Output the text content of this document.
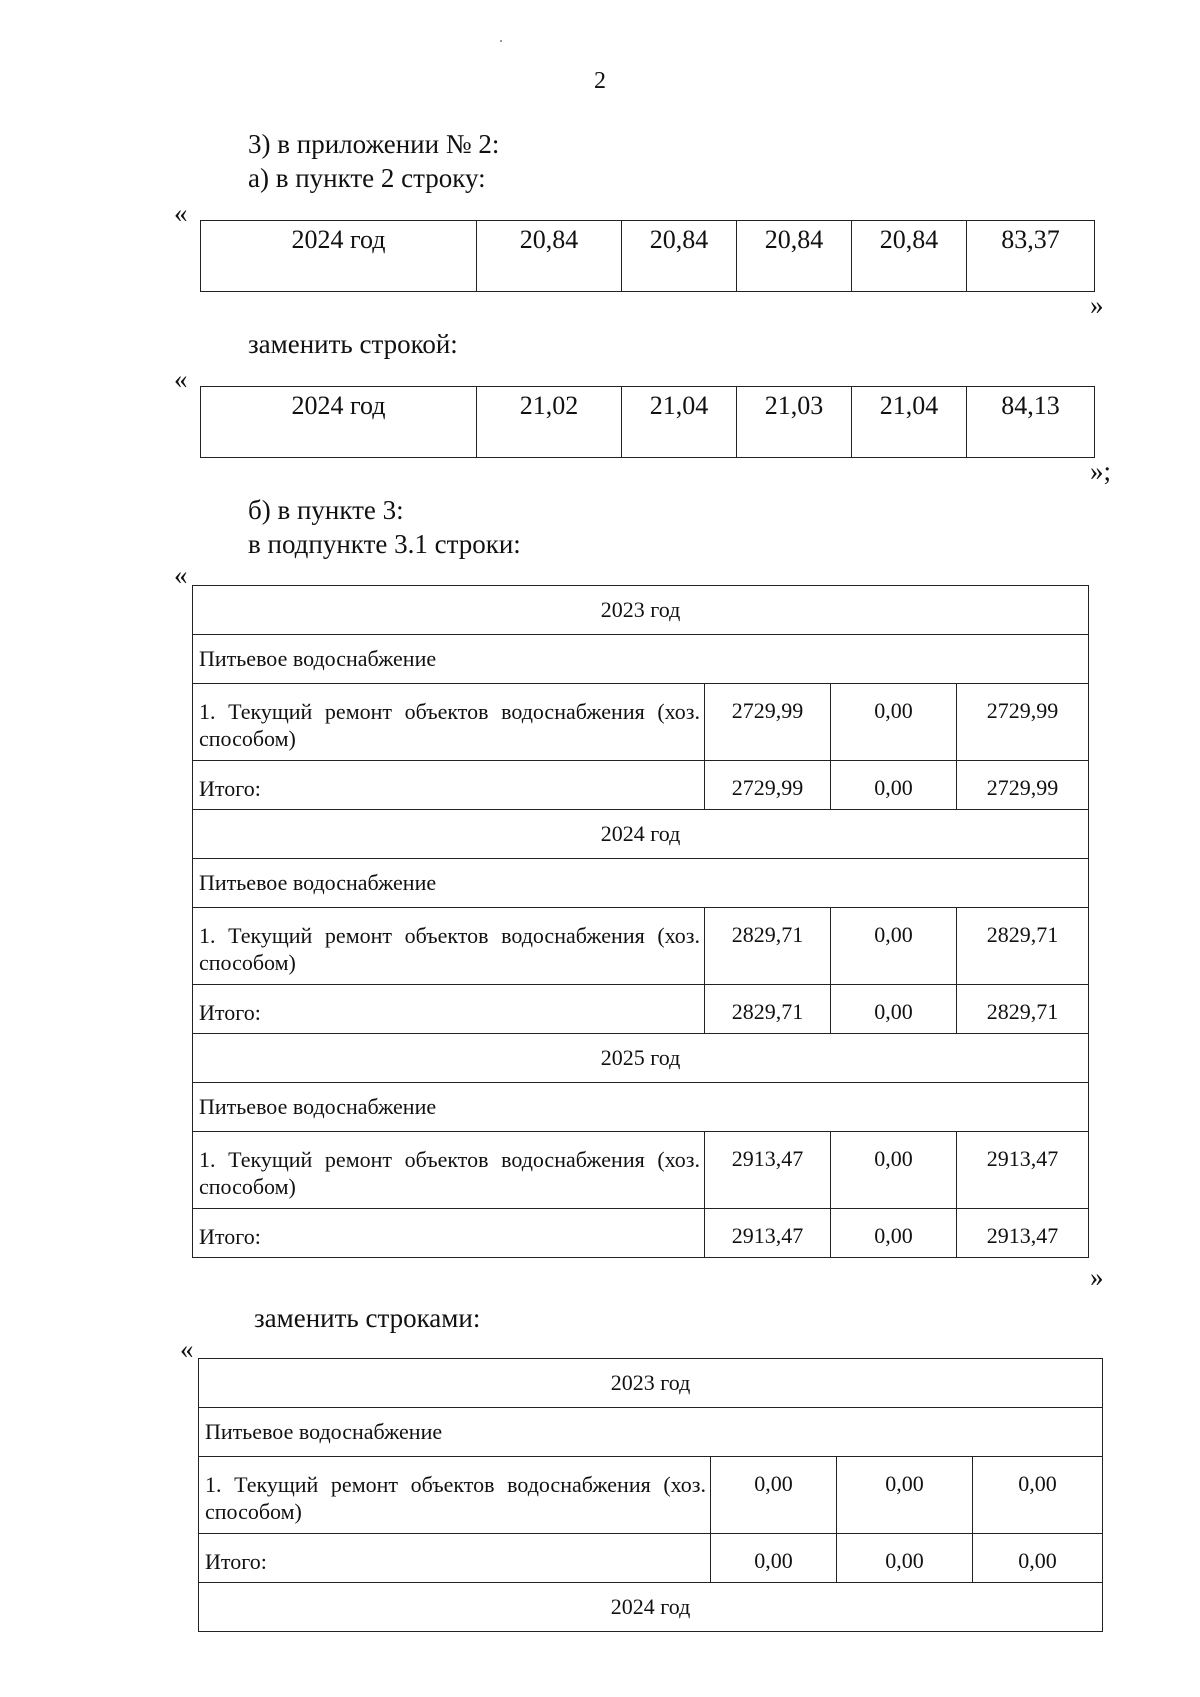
2
3) в приложении № 2:
а) в пункте 2 строку:
«
2024 год	20,84	20,84	20,84	20,84	83,37
»
заменить строкой:
«
2024 год	21,02	21,04	21,03	21,04	84,13
»;
б) в пункте 3:
в подпункте 3.1 строки:
«
2023 год			
Питьевое водоснабжение			
1. Текущий ремонт объектов водоснабжения (хоз. способом)	2729,99	0,00	2729,99
Итого:	2729,99	0,00	2729,99
2024 год			
Питьевое водоснабжение			
1. Текущий ремонт объектов водоснабжения (хоз. способом)	2829,71	0,00	2829,71
Итого:	2829,71	0,00	2829,71
2025 год			
Питьевое водоснабжение			
1. Текущий ремонт объектов водоснабжения (хоз. способом)	2913,47	0,00	2913,47
Итого:	2913,47	0,00	2913,47
»
заменить строками:
«
2023 год			
Питьевое водоснабжение			
1. Текущий ремонт объектов водоснабжения (хоз. способом)	0,00	0,00	0,00
Итого:	0,00	0,00	0,00
2024 год			
